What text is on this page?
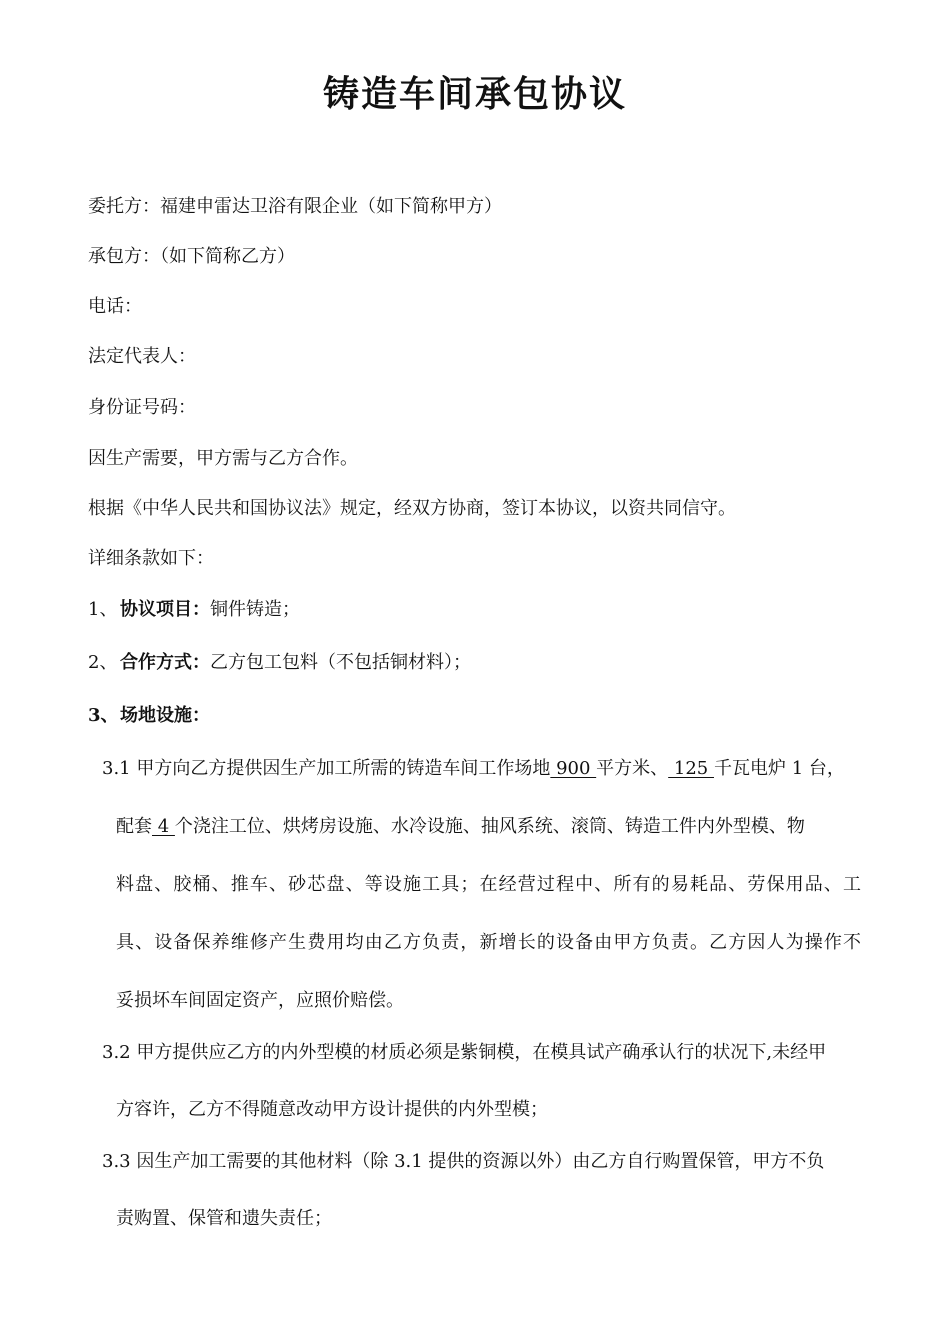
铸造车间承包协议
委托方：福建申雷达卫浴有限企业（如下简称甲方）
承包方：（如下简称乙方）
电话：
法定代表人：
身份证号码：
因生产需要，甲方需与乙方合作。
根据《中华人民共和国协议法》规定，经双方协商，签订本协议，以资共同信守。
详细条款如下：
1、 协议项目：铜件铸造；
2、 合作方式：乙方包工包料（不包括铜材料）；
3、场地设施：
3.1 甲方向乙方提供因生产加工所需的铸造车间工作场地 900 平方米、 125 千瓦电炉 1 台，
配套 4 个浇注工位、烘烤房设施、水冷设施、抽风系统、滚筒、铸造工件内外型模、物
料盘、胶桶、推车、砂芯盘、等设施工具；在经营过程中、所有的易耗品、劳保用品、工
具、设备保养维修产生费用均由乙方负责，新增长的设备由甲方负责。乙方因人为操作不
妥损坏车间固定资产，应照价赔偿。
3.2 甲方提供应乙方的内外型模的材质必须是紫铜模，在模具试产确承认行的状况下,未经甲
方容许，乙方不得随意改动甲方设计提供的内外型模；
3.3 因生产加工需要的其他材料（除 3.1 提供的资源以外）由乙方自行购置保管，甲方不负
责购置、保管和遗失责任；
